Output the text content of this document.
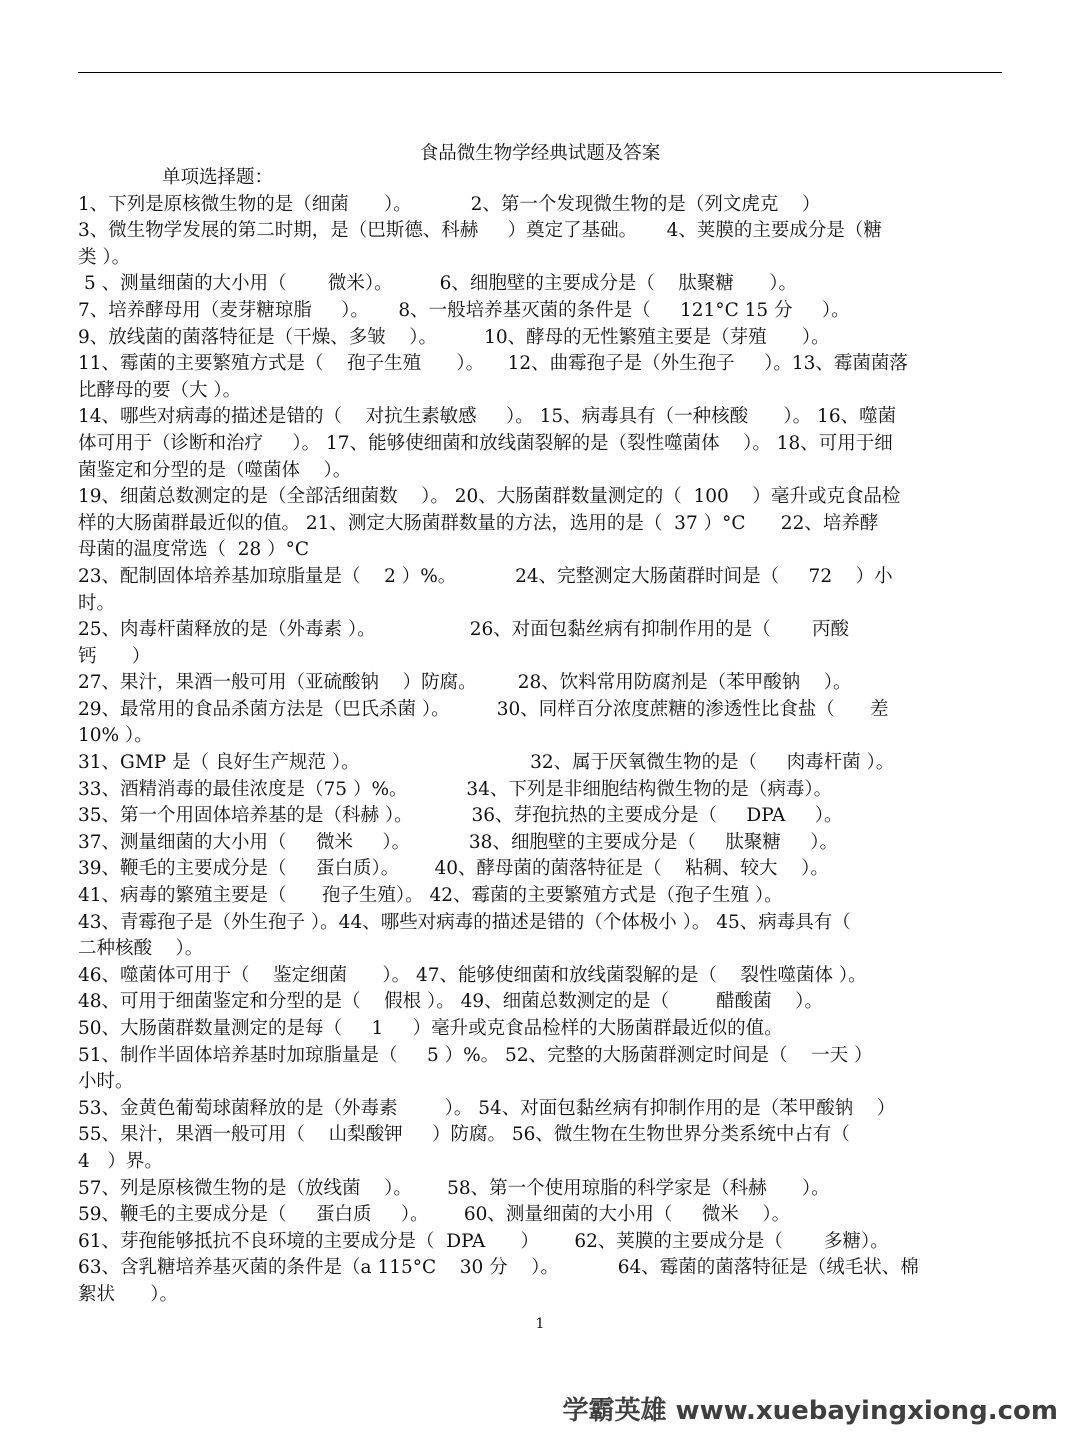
食品微生物学经典试题及答案
单项选择题：
1、下列是原核微生物的是（细菌      ）。          2、第一个发现微生物的是（列文虎克    ）
3、微生物学发展的第二时期，是（巴斯德、科赫     ）奠定了基础。     4、荚膜的主要成分是（糖
类 ）。
5 、测量细菌的大小用（       微米）。        6、细胞壁的主要成分是（    肽聚糖      ）。
7、培养酵母用（麦芽糖琼脂     ）。     8、一般培养基灭菌的条件是（     121°C 15 分     ）。
9、放线菌的菌落特征是（干燥、多皱    ）。        10、酵母的无性繁殖主要是（芽殖      ）。
11、霉菌的主要繁殖方式是（    孢子生殖      ）。    12、曲霉孢子是（外生孢子     ）。13、霉菌菌落
比酵母的要（大 ）。
14、哪些对病毒的描述是错的（    对抗生素敏感     ）。 15、病毒具有（一种核酸      ）。 16、噬菌
体可用于（诊断和治疗     ）。 17、能够使细菌和放线菌裂解的是（裂性噬菌体    ）。 18、可用于细
菌鉴定和分型的是（噬菌体    ）。
19、细菌总数测定的是（全部活细菌数    ）。 20、大肠菌群数量测定的（  100    ）毫升或克食品检
样的大肠菌群最近似的值。 21、测定大肠菌群数量的方法，选用的是（  37 ）°C      22、培养酵
母菌的温度常选（  28 ）°C
23、配制固体培养基加琼脂量是（    2 ）%。          24、完整测定大肠菌群时间是（     72    ）小
时。
25、肉毒杆菌释放的是（外毒素 ）。                26、对面包黏丝病有抑制作用的是（       丙酸
钙      ）
27、果汁，果酒一般可用（亚硫酸钠    ）防腐。       28、饮料常用防腐剂是（苯甲酸钠    ）。
29、最常用的食品杀菌方法是（巴氏杀菌 ）。        30、同样百分浓度蔗糖的渗透性比食盐（      差
10% ）。
31、GMP 是（ 良好生产规范 ）。                             32、属于厌氧微生物的是（     肉毒杆菌 ）。
33、酒精消毒的最佳浓度是（75 ）%。          34、下列是非细胞结构微生物的是（病毒）。
35、第一个用固体培养基的是（科赫 ）。          36、芽孢抗热的主要成分是（     DPA     ）。
37、测量细菌的大小用（     微米     ）。          38、细胞壁的主要成分是（     肽聚糖     ）。
39、鞭毛的主要成分是（     蛋白质）。      40、酵母菌的菌落特征是（    粘稠、较大    ）。
41、病毒的繁殖主要是（      孢子生殖）。 42、霉菌的主要繁殖方式是（孢子生殖 ）。
43、青霉孢子是（外生孢子 ）。44、哪些对病毒的描述是错的（个体极小 ）。 45、病毒具有（
二种核酸    ）。
46、噬菌体可用于（    鉴定细菌      ）。 47、能够使细菌和放线菌裂解的是（    裂性噬菌体 ）。
48、可用于细菌鉴定和分型的是（    假根 ）。 49、细菌总数测定的是（        醋酸菌    ）。
50、大肠菌群数量测定的是每（     1     ）毫升或克食品检样的大肠菌群最近似的值。
51、制作半固体培养基时加琼脂量是（     5 ）%。 52、完整的大肠菌群测定时间是（    一天 ）
小时。
53、金黄色葡萄球菌释放的是（外毒素        ）。 54、对面包黏丝病有抑制作用的是（苯甲酸钠    ）
55、果汁，果酒一般可用（    山梨酸钾     ）防腐。 56、微生物在生物世界分类系统中占有（
4   ）界。
57、列是原核微生物的是（放线菌    ）。      58、第一个使用琼脂的科学家是（科赫      ）。
59、鞭毛的主要成分是（     蛋白质     ）。      60、测量细菌的大小用（     微米    ）。
61、芽孢能够抵抗不良环境的主要成分是（  DPA      ）      62、荚膜的主要成分是（       多糖）。
63、含乳糖培养基灭菌的条件是（a 115°C    30 分    ）。          64、霉菌的菌落特征是（绒毛状、棉
絮状      ）。
1
学霸英雄 www.xuebayingxiong.com
